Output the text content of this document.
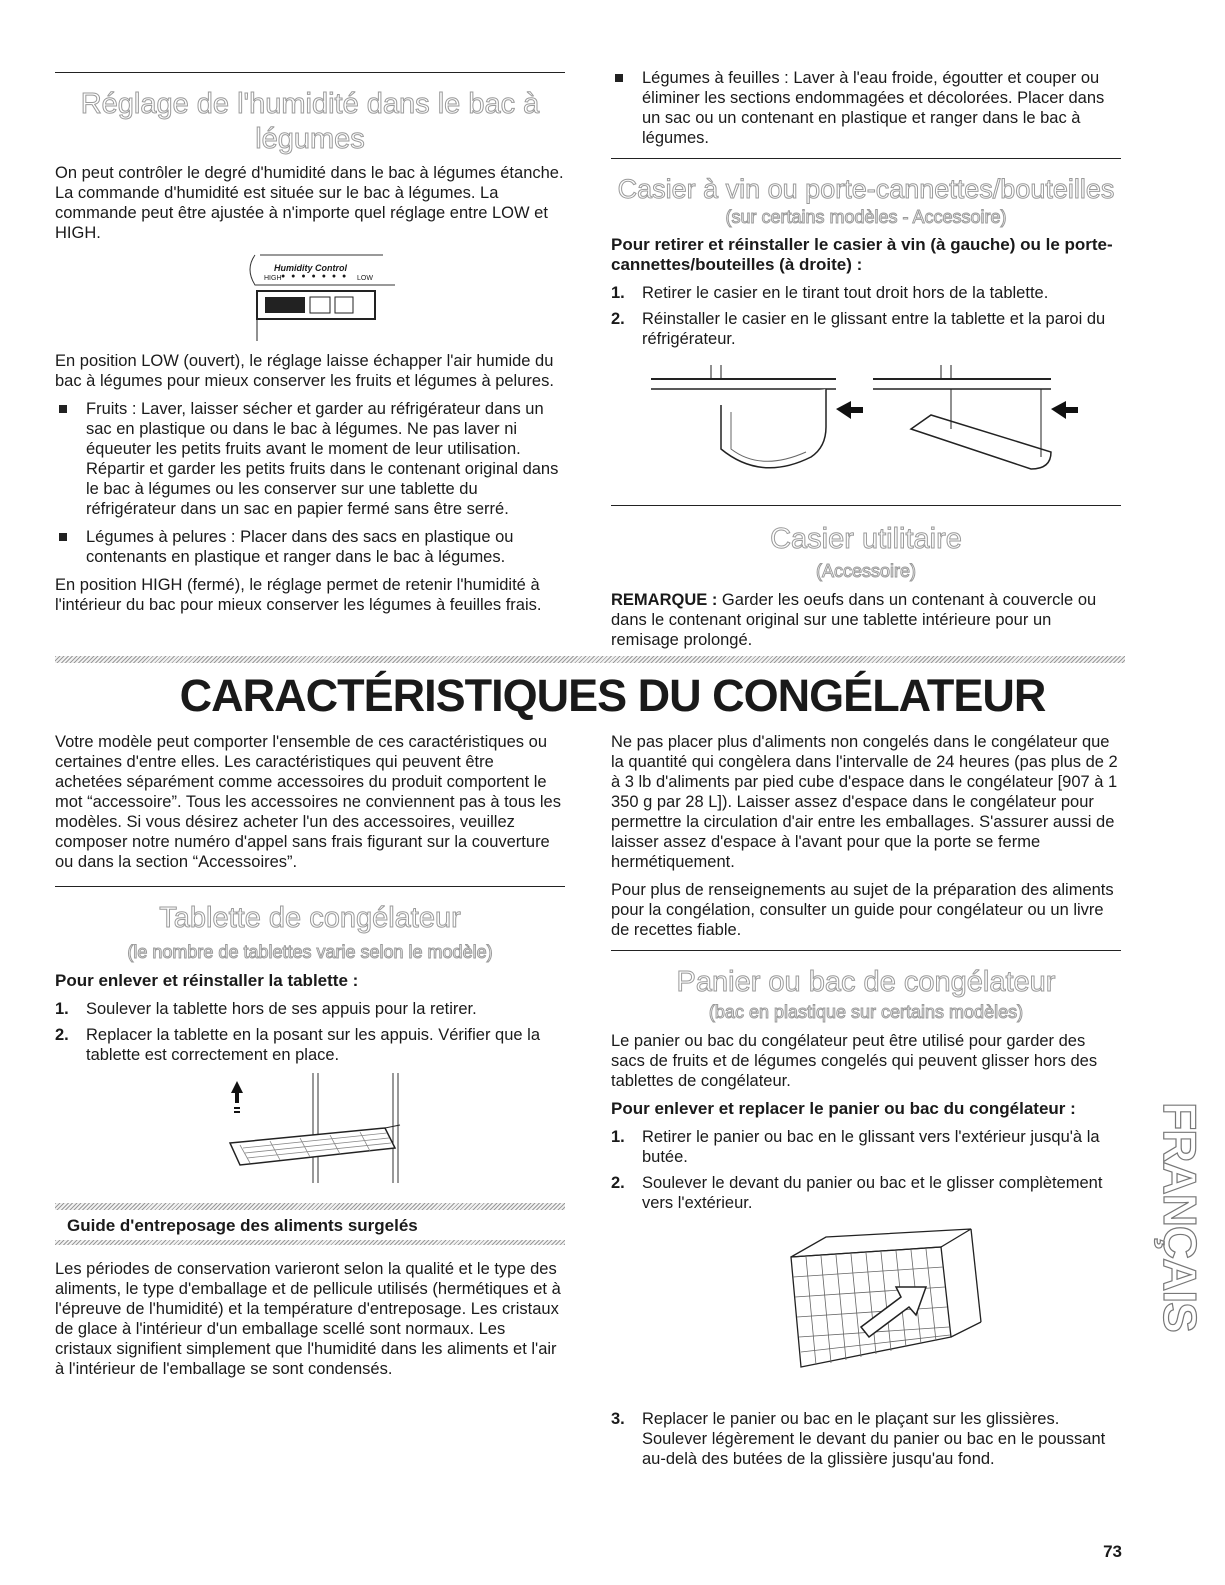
Réglage de l'humidité dans le bac à
légumes

On peut contrôler le degré d'humidité dans le bac à légumes étanche. La commande d'humidité est située sur le bac à légumes. La commande peut être ajustée à n'importe quel réglage entre LOW et HIGH.

Humidity Control
HIGH ● ● ● ● ● ● ● LOW

En position LOW (ouvert), le réglage laisse échapper l'air humide du bac à légumes pour mieux conserver les fruits et légumes à pelures.

Fruits : Laver, laisser sécher et garder au réfrigérateur dans un sac en plastique ou dans le bac à légumes. Ne pas laver ni équeuter les petits fruits avant le moment de leur utilisation. Répartir et garder les petits fruits dans le contenant original dans le bac à légumes ou les conserver sur une tablette du réfrigérateur dans un sac en papier fermé sans être serré.
Légumes à pelures : Placer dans des sacs en plastique ou contenants en plastique et ranger dans le bac à légumes.

En position HIGH (fermé), le réglage permet de retenir l'humidité à l'intérieur du bac pour mieux conserver les légumes à feuilles frais.

Légumes à feuilles : Laver à l'eau froide, égoutter et couper ou éliminer les sections endommagées et décolorées. Placer dans un sac ou un contenant en plastique et ranger dans le bac à légumes.
Casier à vin ou porte-cannettes/bouteilles
(sur certains modèles - Accessoire)

Pour retirer et réinstaller le casier à vin (à gauche) ou le porte-cannettes/bouteilles (à droite) :

1. Retirer le casier en le tirant tout droit hors de la tablette.
2. Réinstaller le casier en le glissant entre la tablette et la paroi du réfrigérateur.
Casier utilitaire
(Accessoire)

REMARQUE : Garder les oeufs dans un contenant à couvercle ou dans le contenant original sur une tablette intérieure pour un remisage prolongé.

CARACTÉRISTIQUES DU CONGÉLATEUR

Votre modèle peut comporter l'ensemble de ces caractéristiques ou certaines d'entre elles. Les caractéristiques qui peuvent être achetées séparément comme accessoires du produit comportent le mot “accessoire”. Tous les accessoires ne conviennent pas à tous les modèles. Si vous désirez acheter l'un des accessoires, veuillez composer notre numéro d'appel sans frais figurant sur la couverture ou dans la section “Accessoires”.

Tablette de congélateur
(le nombre de tablettes varie selon le modèle)

Pour enlever et réinstaller la tablette :

1. Soulever la tablette hors de ses appuis pour la retirer.
2. Replacer la tablette en la posant sur les appuis. Vérifier que la tablette est correctement en place.

Guide d'entreposage des aliments surgelés

Les périodes de conservation varieront selon la qualité et le type des aliments, le type d'emballage et de pellicule utilisés (hermétiques et à l'épreuve de l'humidité) et la température d'entreposage. Les cristaux de glace à l'intérieur d'un emballage scellé sont normaux. Les cristaux signifient simplement que l'humidité dans les aliments et l'air à l'intérieur de l'emballage se sont condensés.

Ne pas placer plus d'aliments non congelés dans le congélateur que la quantité qui congèlera dans l'intervalle de 24 heures (pas plus de 2 à 3 lb d'aliments par pied cube d'espace dans le congélateur [907 à 1 350 g par 28 L]). Laisser assez d'espace dans le congélateur pour permettre la circulation d'air entre les emballages. S'assurer aussi de laisser assez d'espace à l'avant pour que la porte se ferme hermétiquement.

Pour plus de renseignements au sujet de la préparation des aliments pour la congélation, consulter un guide pour congélateur ou un livre de recettes fiable.

Panier ou bac de congélateur
(bac en plastique sur certains modèles)

Le panier ou bac du congélateur peut être utilisé pour garder des sacs de fruits et de légumes congelés qui peuvent glisser hors des tablettes de congélateur.

Pour enlever et replacer le panier ou bac du congélateur :

1. Retirer le panier ou bac en le glissant vers l'extérieur jusqu'à la butée.
2. Soulever le devant du panier ou bac et le glisser complètement vers l'extérieur.
3. Replacer le panier ou bac en le plaçant sur les glissières. Soulever légèrement le devant du panier ou bac en le poussant au-delà des butées de la glissière jusqu'au fond.
FRANÇAIS
73
